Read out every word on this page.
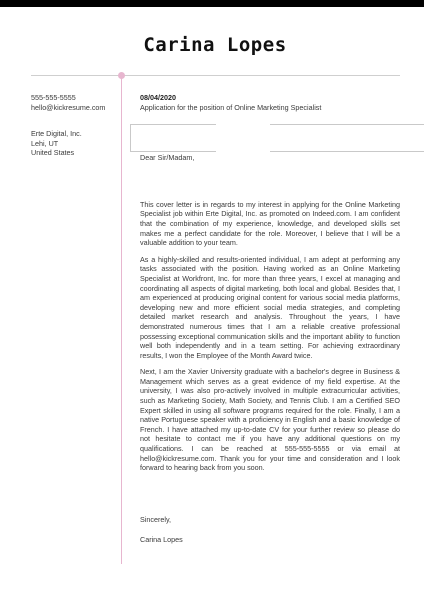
Carina Lopes
555-555-5555
hello@kickresume.com
Erte Digital, Inc.
Lehi, UT
United States
08/04/2020
Application for the position of Online Marketing Specialist
Dear Sir/Madam,

This cover letter is in regards to my interest in applying for the Online Marketing Specialist job within Erte Digital, Inc. as promoted on Indeed.com. I am confident that the combination of my experience, knowledge, and developed skills set makes me a perfect candidate for the role. Moreover, I believe that I will be a valuable addition to your team.

As a highly-skilled and results-oriented individual, I am adept at performing any tasks associated with the position. Having worked as an Online Marketing Specialist at Workfront, Inc. for more than three years, I excel at managing and coordinating all aspects of digital marketing, both local and global. Besides that, I am experienced at producing original content for various social media platforms, developing new and more efficient social media strategies, and completing detailed market research and analysis. Throughout the years, I have demonstrated numerous times that I am a reliable creative professional possessing exceptional communication skills and the important ability to function well both independently and in a team setting. For achieving extraordinary results, I won the Employee of the Month Award twice.

Next, I am the Xavier University graduate with a bachelor's degree in Business & Management which serves as a great evidence of my field expertise. At the university, I was also pro-actively involved in multiple extracurricular activities, such as Marketing Society, Math Society, and Tennis Club. I am a Certified SEO Expert skilled in using all software programs required for the role. Finally, I am a native Portuguese speaker with a proficiency in English and a basic knowledge of French. I have attached my up-to-date CV for your further review so please do not hesitate to contact me if you have any additional questions on my qualifications. I can be reached at 555-555-5555 or via email at hello@kickresume.com. Thank you for your time and consideration and I look forward to hearing back from you soon.

Sincerely,
Carina Lopes
